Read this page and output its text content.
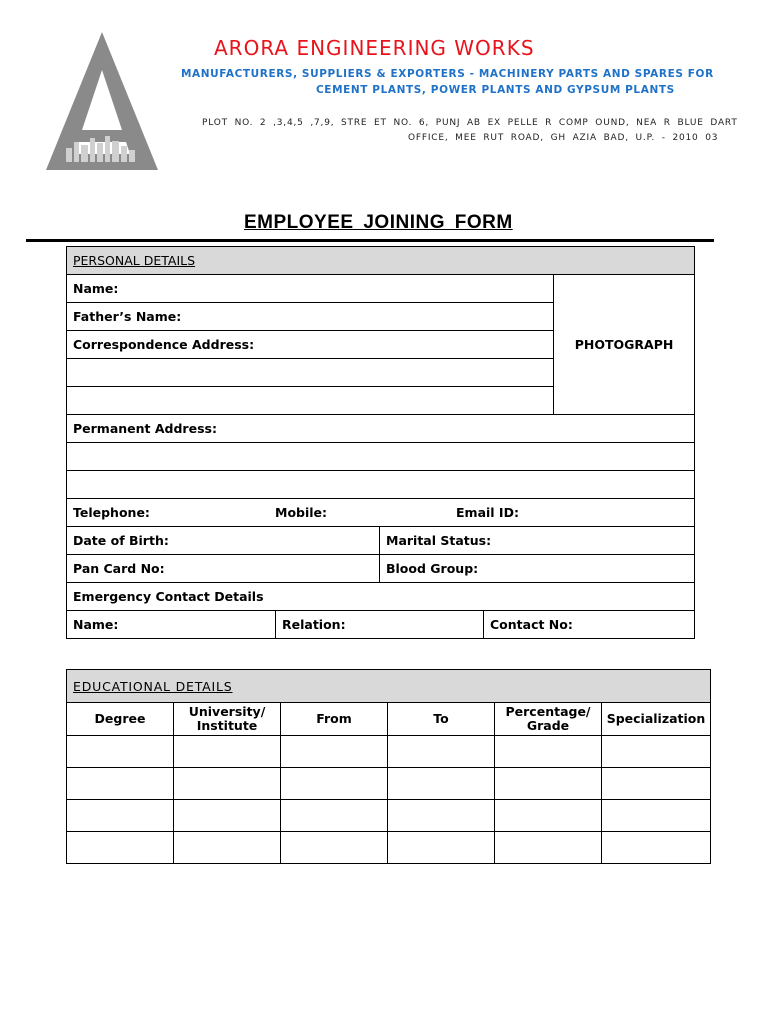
ARORA ENGINEERING WORKS
MANUFACTURERS, SUPPLIERS & EXPORTERS - MACHINERY PARTS AND SPARES FOR
CEMENT PLANTS, POWER PLANTS AND GYPSUM PLANTS
PLOT NO. 2 ,3,4,5 ,7,9, STRE ET NO. 6, PUNJ AB EX PELLE R COMP OUND, NEA R BLUE DART
OFFICE, MEE RUT ROAD, GH AZIA BAD, U.P. - 2010 03
EMPLOYEE JOINING FORM
PERSONAL DETAILS				
Name:				PHOTOGRAPH
Father’s Name:				
Correspondence Address:				

Permanent Address:				

Telephone: Mobile: Email ID:				

Date of Birth:		Marital Status:		
Pan Card No:		Blood Group:		
Emergency Contact Details				
Name:	Relation:		Contact No:	
EDUCATIONAL DETAILS					
Degree	University/ Institute	From	To	Percentage/ Grade	Specialization
